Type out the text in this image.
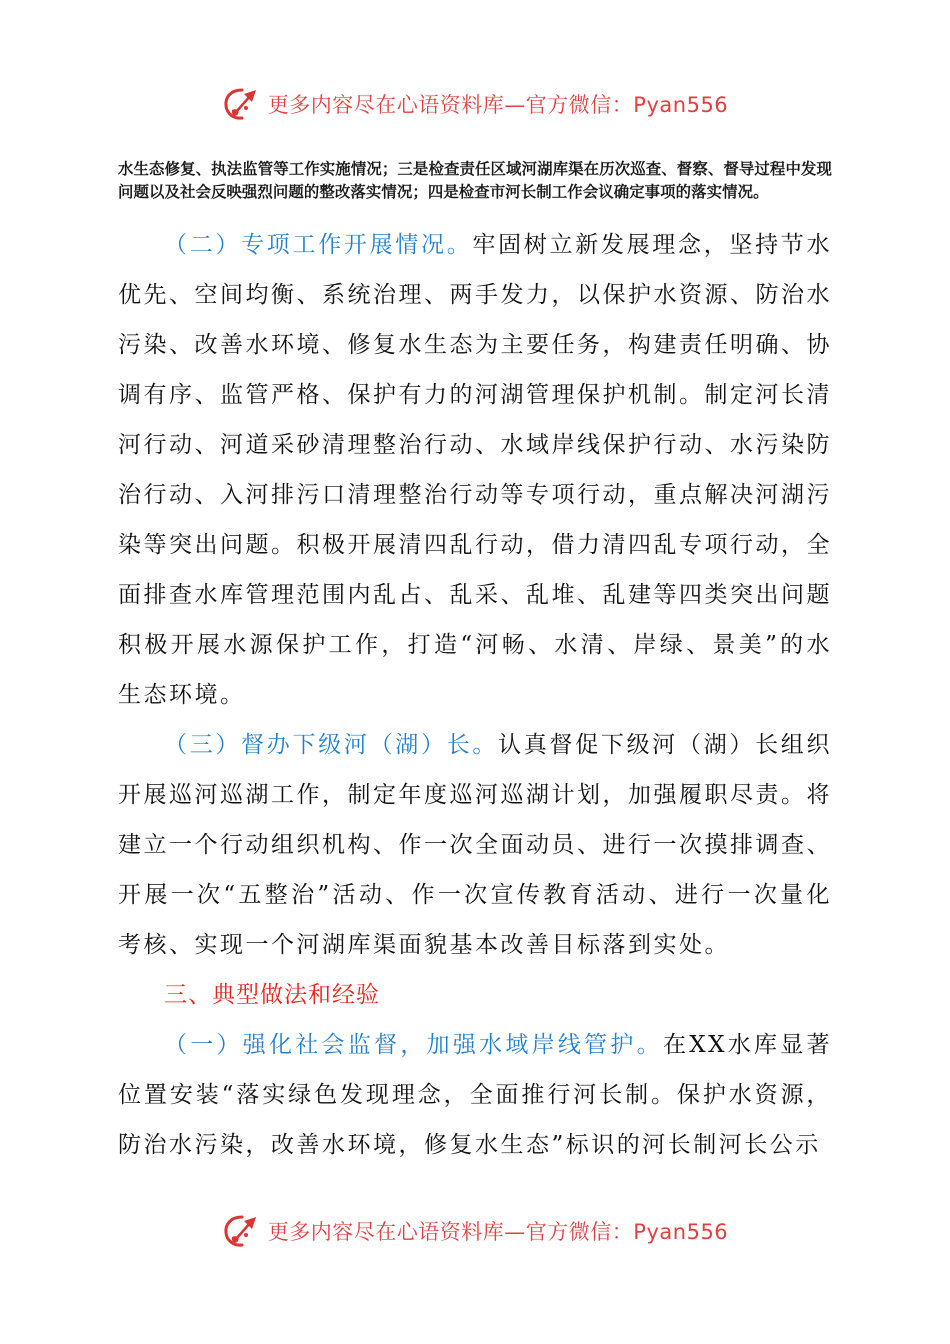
更多内容尽在心语资料库—官方微信：Pyan556

水生态修复、执法监管等工作实施情况；三是检查责任区域河湖库渠在历次巡查、督察、督导过程中发现问题以及社会反映强烈问题的整改落实情况；四是检查市河长制工作会议确定事项的落实情况。

（二）专项工作开展情况。牢固树立新发展理念，坚持节水优先、空间均衡、系统治理、两手发力，以保护水资源、防治水污染、改善水环境、修复水生态为主要任务，构建责任明确、协调有序、监管严格、保护有力的河湖管理保护机制。制定河长清河行动、河道采砂清理整治行动、水域岸线保护行动、水污染防治行动、入河排污口清理整治行动等专项行动，重点解决河湖污染等突出问题。积极开展清四乱行动，借力清四乱专项行动，全面排查水库管理范围内乱占、乱采、乱堆、乱建等四类突出问题积极开展水源保护工作，打造“河畅、水清、岸绿、景美”的水生态环境。

（三）督办下级河（湖）长。认真督促下级河（湖）长组织开展巡河巡湖工作，制定年度巡河巡湖计划，加强履职尽责。将建立一个行动组织机构、作一次全面动员、进行一次摸排调查、开展一次“五整治”活动、作一次宣传教育活动、进行一次量化考核、实现一个河湖库渠面貌基本改善目标落到实处。

三、典型做法和经验

（一）强化社会监督，加强水域岸线管护。在XX水库显著位置安装“落实绿色发现理念，全面推行河长制。保护水资源，防治水污染，改善水环境，修复水生态”标识的河长制河长公示

更多内容尽在心语资料库—官方微信：Pyan556
